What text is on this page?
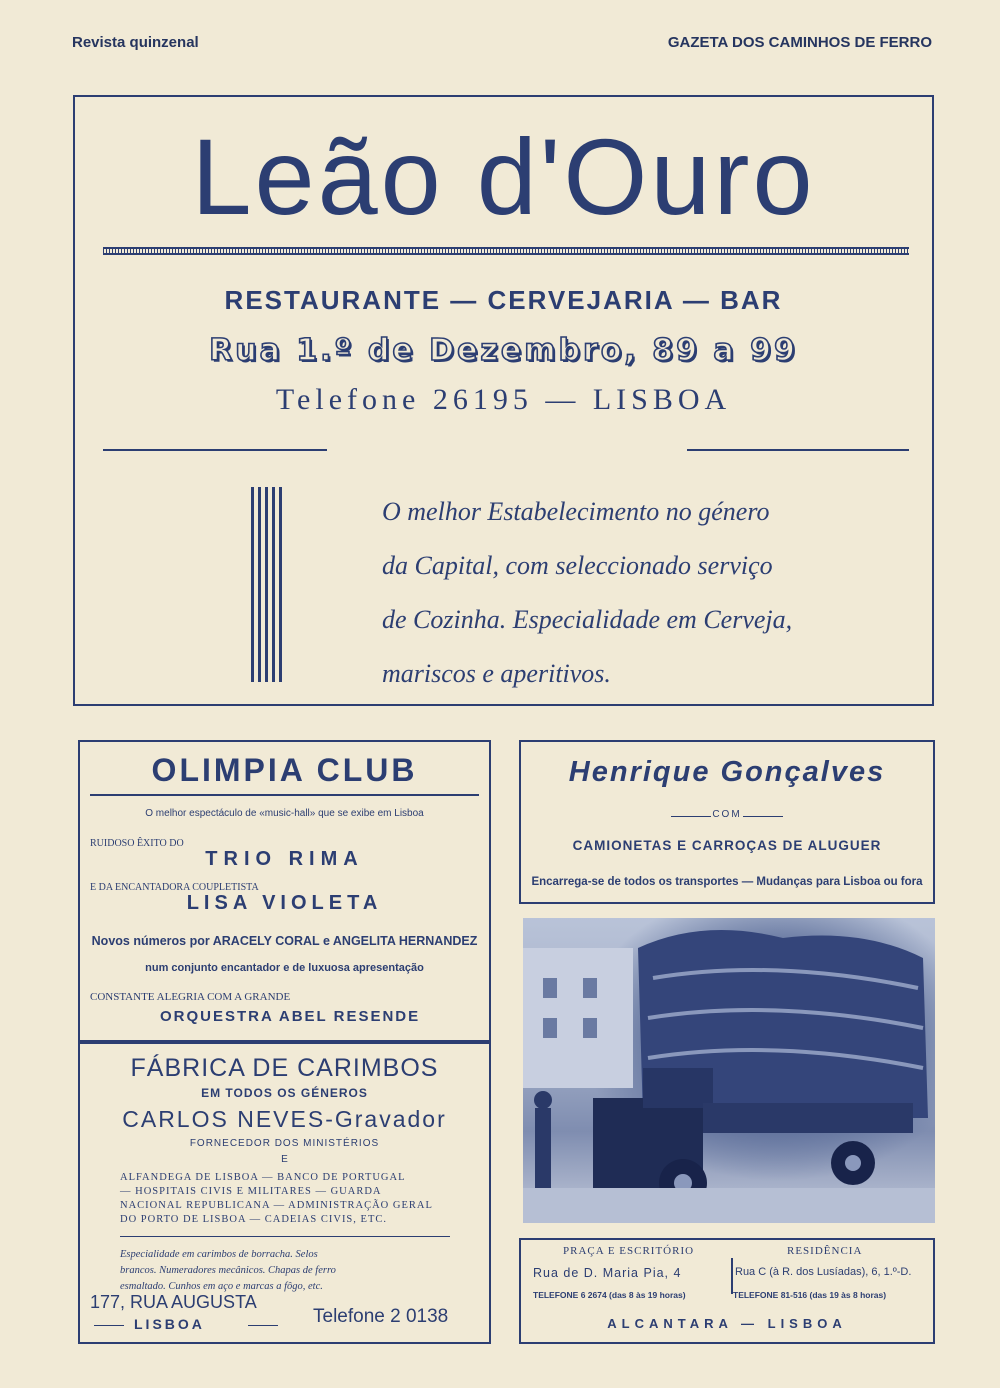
Revista quinzenal	GAZETA DOS CAMINHOS DE FERRO
Leão d'Ouro
RESTAURANTE — CERVEJARIA — BAR
Rua 1.º de Dezembro, 89 a 99
Telefone 26195 — LISBOA
O melhor Estabelecimento no género
da Capital, com seleccionado serviço
de Cozinha. Especialidade em Cerveja,
mariscos e aperitivos.
OLIMPIA CLUB
O melhor espectáculo de «music-hall» que se exibe em Lisboa
RUIDOSO ÊXITO DO
TRIO RIMA
E DA ENCANTADORA COUPLETISTA
LISA VIOLETA
Novos números por ARACELY CORAL e ANGELITA HERNANDEZ
num conjunto encantador e de luxuosa apresentação
CONSTANTE ALEGRIA COM A GRANDE
ORQUESTRA ABEL RESENDE
FÁBRICA DE CARIMBOS
EM TODOS OS GÉNEROS
CARLOS NEVES-Gravador
FORNECEDOR DOS MINISTÉRIOS
E
ALFANDEGA DE LISBOA — BANCO DE PORTUGAL
— HOSPITAIS CIVIS E MILITARES — GUARDA
NACIONAL REPUBLICANA — ADMINISTRAÇÃO GERAL
DO PORTO DE LISBOA — CADEIAS CIVIS, ETC.
Especialidade em carimbos de borracha. Selos
brancos. Numeradores mecânicos. Chapas de ferro
esmaltado. Cunhos em aço e marcas a fôgo, etc.
177, RUA AUGUSTA
LISBOA	Telefone 2 0138
Henrique Gonçalves
COM
CAMIONETAS E CARROÇAS DE ALUGUER
Encarrega-se de todos os transportes — Mudanças para Lisboa ou fora
PRAÇA E ESCRITÓRIO	RESIDÊNCIA
Rua de D. Maria Pia, 4	Rua C (à R. dos Lusíadas), 6, 1.º-D.
TELEFONE 6 2674 (das 8 às 19 horas)	TELEFONE 81-516 (das 19 às 8 horas)
ALCANTARA — LISBOA
